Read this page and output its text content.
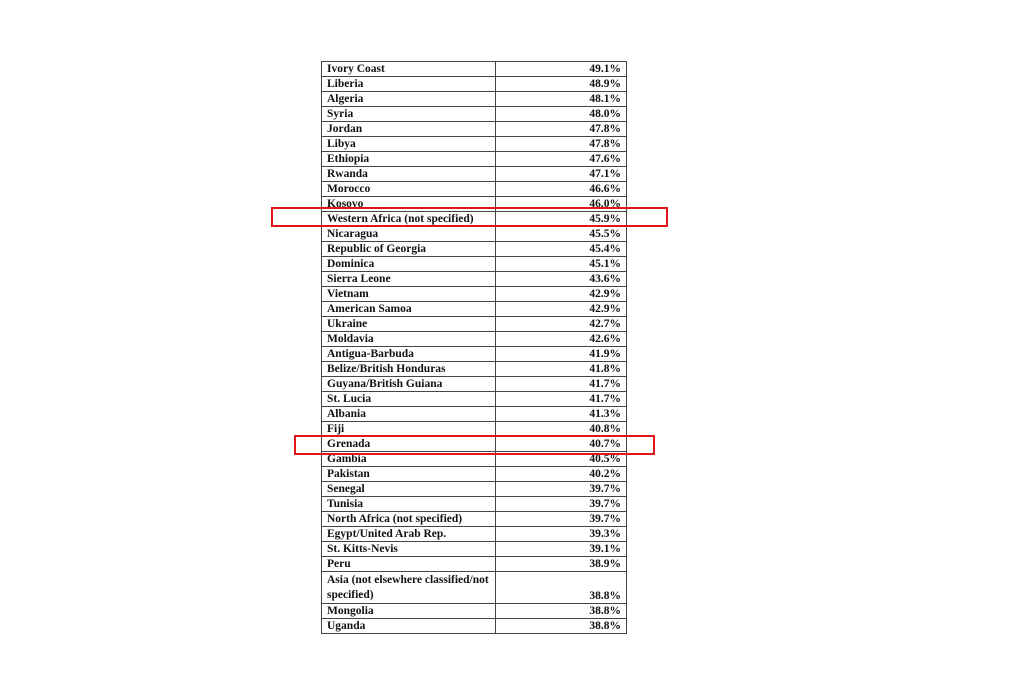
Ivory Coast	49.1%
Liberia	48.9%
Algeria	48.1%
Syria	48.0%
Jordan	47.8%
Libya	47.8%
Ethiopia	47.6%
Rwanda	47.1%
Morocco	46.6%
Kosovo	46.0%
Western Africa (not specified)	45.9%
Nicaragua	45.5%
Republic of Georgia	45.4%
Dominica	45.1%
Sierra Leone	43.6%
Vietnam	42.9%
American Samoa	42.9%
Ukraine	42.7%
Moldavia	42.6%
Antigua-Barbuda	41.9%
Belize/British Honduras	41.8%
Guyana/British Guiana	41.7%
St. Lucia	41.7%
Albania	41.3%
Fiji	40.8%
Grenada	40.7%
Gambia	40.5%
Pakistan	40.2%
Senegal	39.7%
Tunisia	39.7%
North Africa (not specified)	39.7%
Egypt/United Arab Rep.	39.3%
St. Kitts-Nevis	39.1%
Peru	38.9%
Asia (not elsewhere classified/not specified)	38.8%
Mongolia	38.8%
Uganda	38.8%
